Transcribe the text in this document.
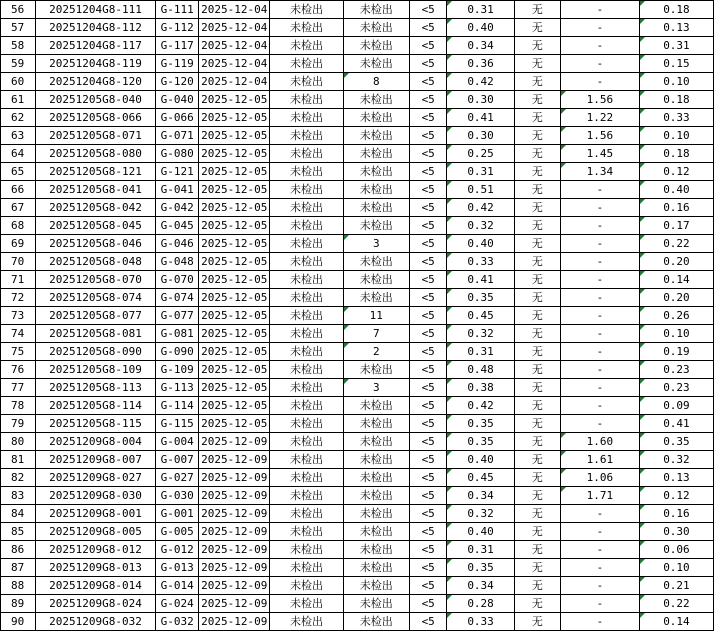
56	20251204G8-111	G-111	2025-12-04	未检出	未检出	<5	0.31	无	-	0.18
57	20251204G8-112	G-112	2025-12-04	未检出	未检出	<5	0.40	无	-	0.13
58	20251204G8-117	G-117	2025-12-04	未检出	未检出	<5	0.34	无	-	0.31
59	20251204G8-119	G-119	2025-12-04	未检出	未检出	<5	0.36	无	-	0.15
60	20251204G8-120	G-120	2025-12-04	未检出	8	<5	0.42	无	-	0.10
61	20251205G8-040	G-040	2025-12-05	未检出	未检出	<5	0.30	无	1.56	0.18
62	20251205G8-066	G-066	2025-12-05	未检出	未检出	<5	0.41	无	1.22	0.33
63	20251205G8-071	G-071	2025-12-05	未检出	未检出	<5	0.30	无	1.56	0.10
64	20251205G8-080	G-080	2025-12-05	未检出	未检出	<5	0.25	无	1.45	0.18
65	20251205G8-121	G-121	2025-12-05	未检出	未检出	<5	0.31	无	1.34	0.12
66	20251205G8-041	G-041	2025-12-05	未检出	未检出	<5	0.51	无	-	0.40
67	20251205G8-042	G-042	2025-12-05	未检出	未检出	<5	0.42	无	-	0.16
68	20251205G8-045	G-045	2025-12-05	未检出	未检出	<5	0.32	无	-	0.17
69	20251205G8-046	G-046	2025-12-05	未检出	3	<5	0.40	无	-	0.22
70	20251205G8-048	G-048	2025-12-05	未检出	未检出	<5	0.33	无	-	0.20
71	20251205G8-070	G-070	2025-12-05	未检出	未检出	<5	0.41	无	-	0.14
72	20251205G8-074	G-074	2025-12-05	未检出	未检出	<5	0.35	无	-	0.20
73	20251205G8-077	G-077	2025-12-05	未检出	11	<5	0.45	无	-	0.26
74	20251205G8-081	G-081	2025-12-05	未检出	7	<5	0.32	无	-	0.10
75	20251205G8-090	G-090	2025-12-05	未检出	2	<5	0.31	无	-	0.19
76	20251205G8-109	G-109	2025-12-05	未检出	未检出	<5	0.48	无	-	0.23
77	20251205G8-113	G-113	2025-12-05	未检出	3	<5	0.38	无	-	0.23
78	20251205G8-114	G-114	2025-12-05	未检出	未检出	<5	0.42	无	-	0.09
79	20251205G8-115	G-115	2025-12-05	未检出	未检出	<5	0.35	无	-	0.41
80	20251209G8-004	G-004	2025-12-09	未检出	未检出	<5	0.35	无	1.60	0.35
81	20251209G8-007	G-007	2025-12-09	未检出	未检出	<5	0.40	无	1.61	0.32
82	20251209G8-027	G-027	2025-12-09	未检出	未检出	<5	0.45	无	1.06	0.13
83	20251209G8-030	G-030	2025-12-09	未检出	未检出	<5	0.34	无	1.71	0.12
84	20251209G8-001	G-001	2025-12-09	未检出	未检出	<5	0.32	无	-	0.16
85	20251209G8-005	G-005	2025-12-09	未检出	未检出	<5	0.40	无	-	0.30
86	20251209G8-012	G-012	2025-12-09	未检出	未检出	<5	0.31	无	-	0.06
87	20251209G8-013	G-013	2025-12-09	未检出	未检出	<5	0.35	无	-	0.10
88	20251209G8-014	G-014	2025-12-09	未检出	未检出	<5	0.34	无	-	0.21
89	20251209G8-024	G-024	2025-12-09	未检出	未检出	<5	0.28	无	-	0.22
90	20251209G8-032	G-032	2025-12-09	未检出	未检出	<5	0.33	无	-	0.14
